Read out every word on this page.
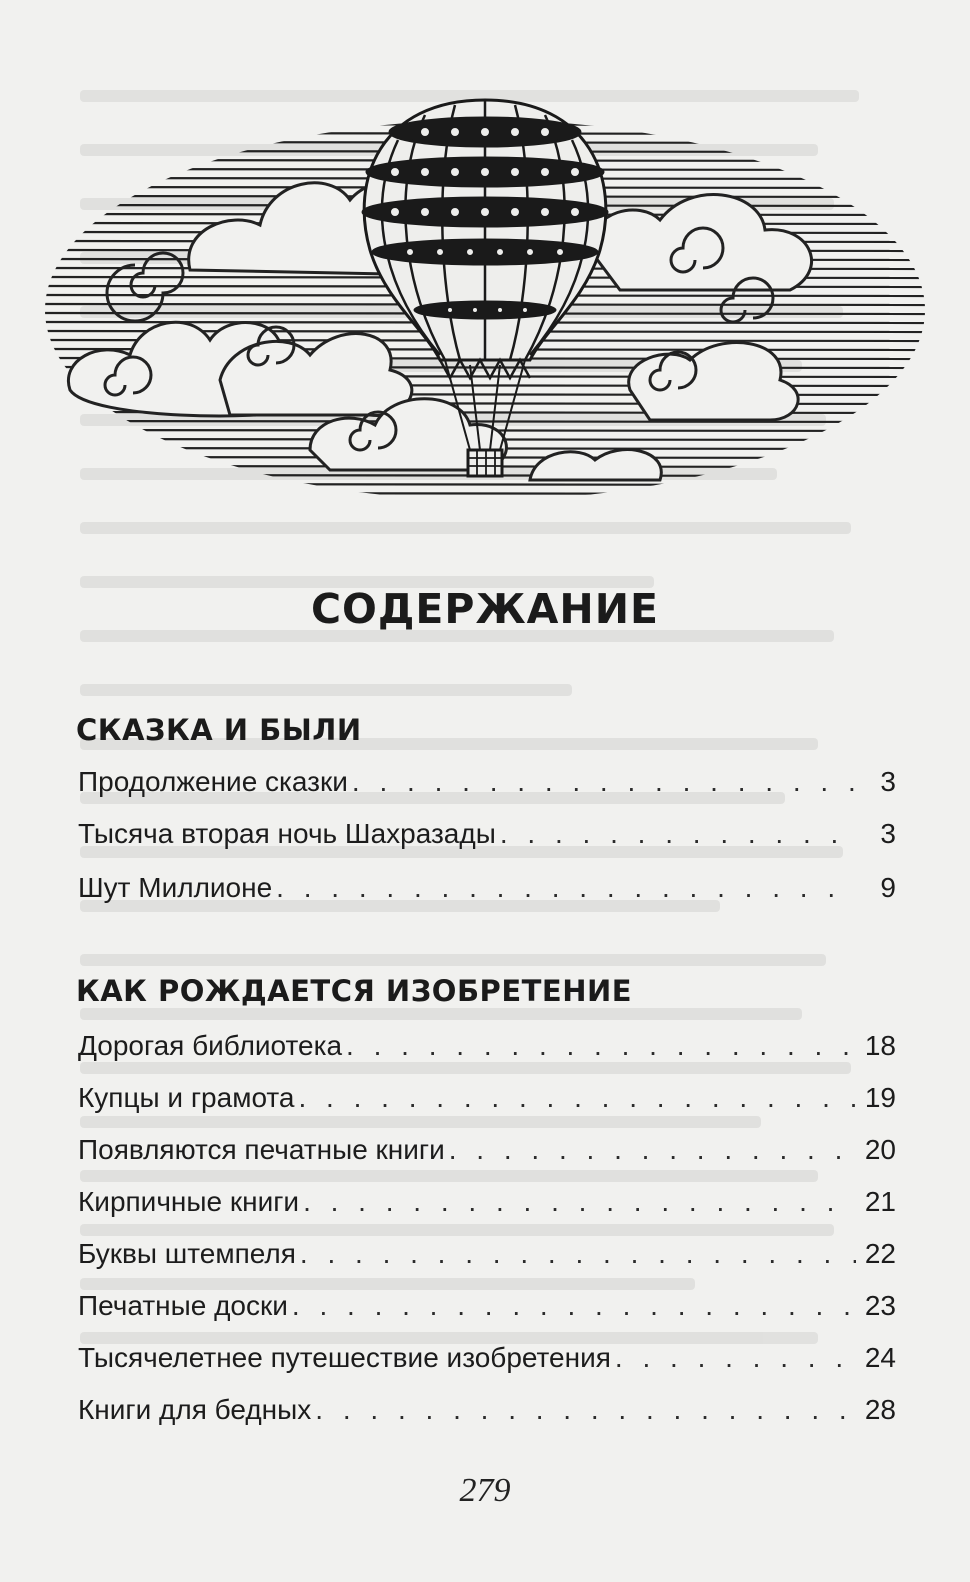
СОДЕРЖАНИЕ
СКАЗКА И БЫЛИ
Продолжение сказки . . .	3
Тысяча вторая ночь Шахразады . . .	3
Шут Миллионе . . .	9
КАК РОЖДАЕТСЯ ИЗОБРЕТЕНИЕ
Дорогая библиотека . . .	18
Купцы и грамота . . .	19
Появляются печатные книги . . .	20
Кирпичные книги . . .	21
Буквы штемпеля . . .	22
Печатные доски . . .	23
Тысячелетнее путешествие изобретения . . .	24
Книги для бедных . . .	28
279
